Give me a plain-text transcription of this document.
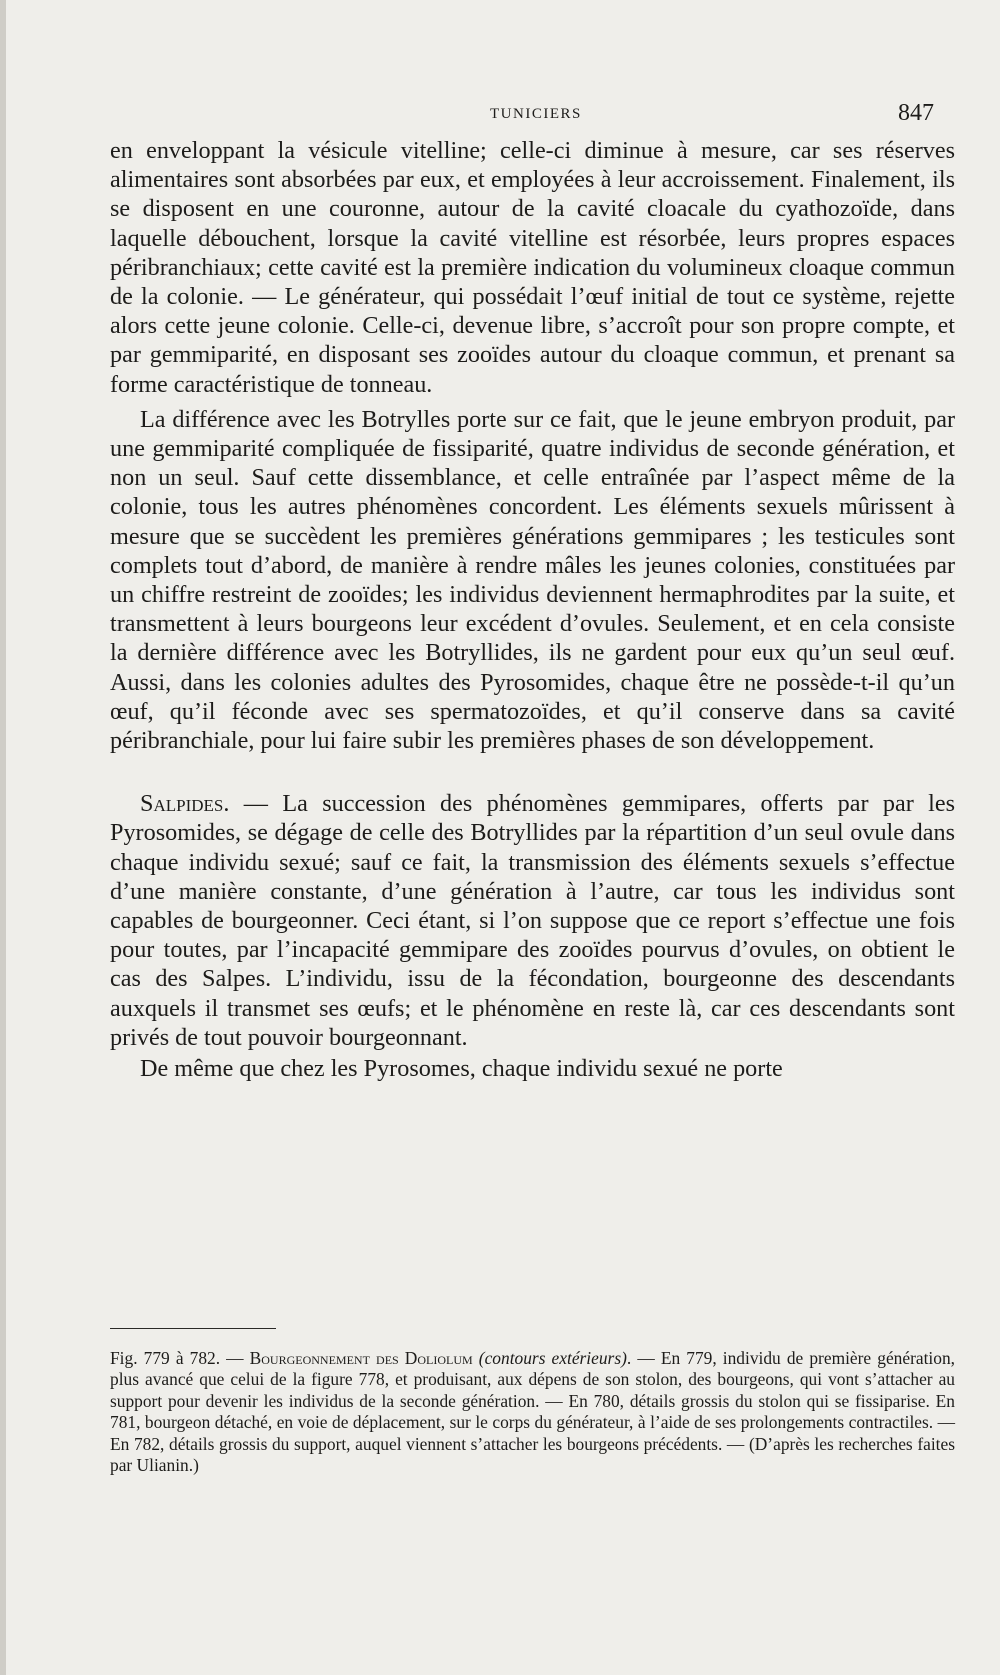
TUNICIERS	847

en enveloppant la vésicule vitelline; celle-ci diminue à mesure, car ses réserves alimentaires sont absorbées par eux, et employées à leur accroissement. Finalement, ils se disposent en une couronne, autour de la cavité cloacale du cyathozoïde, dans laquelle débouchent, lorsque la cavité vitelline est résorbée, leurs propres espaces péribranchiaux; cette cavité est la première indication du volumineux cloaque commun de la colonie. — Le générateur, qui possédait l’œuf initial de tout ce système, rejette alors cette jeune colonie. Celle-ci, devenue libre, s’accroît pour son propre compte, et par gemmiparité, en disposant ses zooïdes autour du cloaque commun, et prenant sa forme caractéristique de tonneau.

La différence avec les Botrylles porte sur ce fait, que le jeune embryon produit, par une gemmiparité compliquée de fissiparité, quatre individus de seconde génération, et non un seul. Sauf cette dissemblance, et celle entraînée par l’aspect même de la colonie, tous les autres phénomènes concordent. Les éléments sexuels mûrissent à mesure que se succèdent les premières générations gemmipares ; les testicules sont complets tout d’abord, de manière à rendre mâles les jeunes colonies, constituées par un chiffre restreint de zooïdes; les individus deviennent hermaphrodites par la suite, et transmettent à leurs bourgeons leur excédent d’ovules. Seulement, et en cela consiste la dernière différence avec les Botryllides, ils ne gardent pour eux qu’un seul œuf. Aussi, dans les colonies adultes des Pyrosomides, chaque être ne possède-t-il qu’un œuf, qu’il féconde avec ses spermatozoïdes, et qu’il conserve dans sa cavité péribranchiale, pour lui faire subir les premières phases de son développement.

Salpides. — La succession des phénomènes gemmipares, offerts par par les Pyrosomides, se dégage de celle des Botryllides par la répartition d’un seul ovule dans chaque individu sexué; sauf ce fait, la transmission des éléments sexuels s’effectue d’une manière constante, d’une génération à l’autre, car tous les individus sont capables de bourgeonner. Ceci étant, si l’on suppose que ce report s’effectue une fois pour toutes, par l’incapacité gemmipare des zooïdes pourvus d’ovules, on obtient le cas des Salpes. L’individu, issu de la fécondation, bourgeonne des descendants auxquels il transmet ses œufs; et le phénomène en reste là, car ces descendants sont privés de tout pouvoir bourgeonnant.

De même que chez les Pyrosomes, chaque individu sexué ne porte

Fig. 779 à 782. — Bourgeonnement des Doliolum (contours extérieurs). — En 779, individu de première génération, plus avancé que celui de la figure 778, et produisant, aux dépens de son stolon, des bourgeons, qui vont s’attacher au support pour devenir les individus de la seconde génération. — En 780, détails grossis du stolon qui se fissiparise. En 781, bourgeon détaché, en voie de déplacement, sur le corps du générateur, à l’aide de ses prolongements contractiles. — En 782, détails grossis du support, auquel viennent s’attacher les bourgeons précédents. — (D’après les recherches faites par Ulianin.)
